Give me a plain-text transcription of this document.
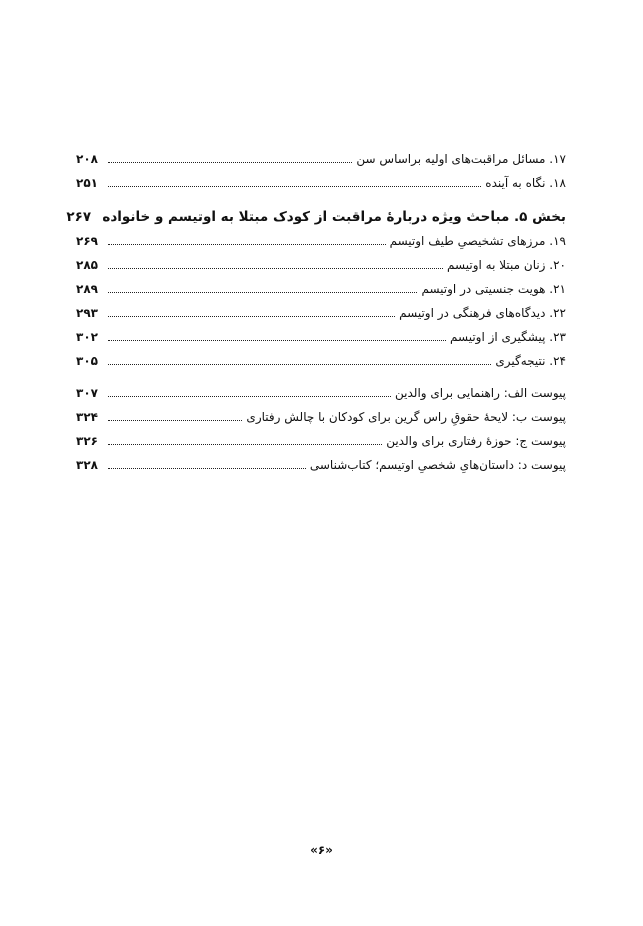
۱۷. مسائل مراقبت‌های اولیه براساس سن
۲۰۸
۱۸. نگاه به آینده
۲۵۱
بخش ۵. مباحث ویژه دربارهٔ مراقبت از کودک مبتلا به اوتیسم و خانواده
۲۶۷
۱۹. مرزهای تشخیصیِ طیف اوتیسم
۲۶۹
۲۰. زنان مبتلا به اوتیسم
۲۸۵
۲۱. هویت جنسیتی در اوتیسم
۲۸۹
۲۲. دیدگاه‌های فرهنگی در اوتیسم
۲۹۳
۲۳. پیشگیری از اوتیسم
۳۰۲
۲۴. نتیجه‌گیری
۳۰۵
پیوست الف: راهنمایی برای والدین
۳۰۷
پیوست ب: لایحهٔ حقوقِ راس گرین برای کودکان با چالش رفتاری
۳۲۴
پیوست ج: حوزهٔ رفتاری برای والدین
۳۲۶
پیوست د: داستان‌هایِ شخصیِ اوتیسم؛ کتاب‌شناسی
۳۲۸
«۶»
